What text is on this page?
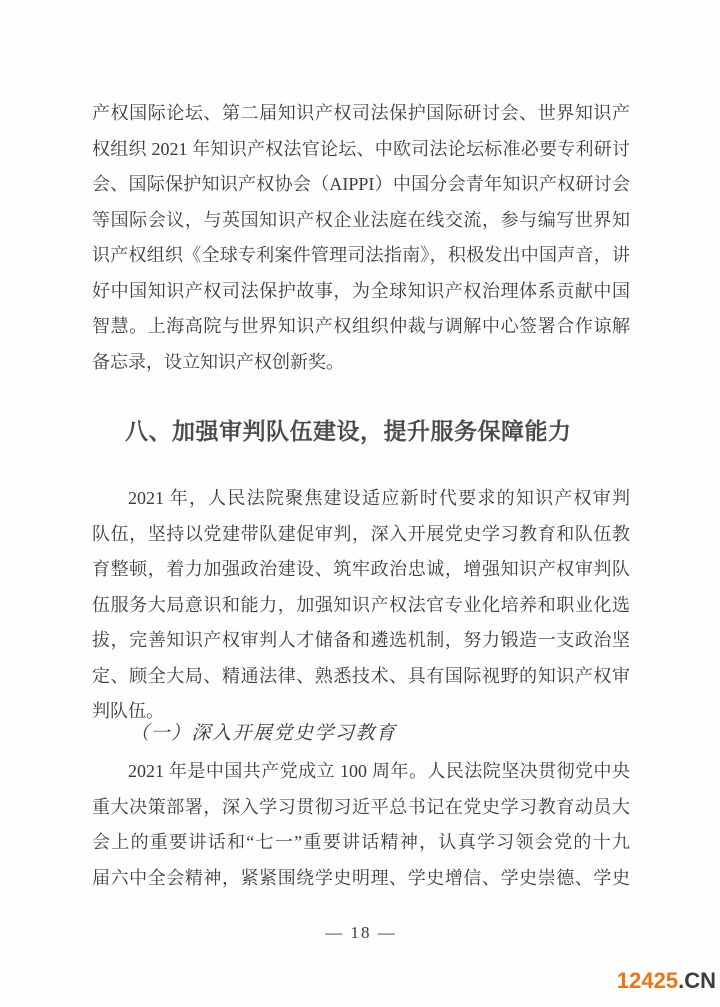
产权国际论坛、第二届知识产权司法保护国际研讨会、世界知识产
权组织 2021 年知识产权法官论坛、中欧司法论坛标准必要专利研讨
会、国际保护知识产权协会（AIPPI）中国分会青年知识产权研讨会
等国际会议，与英国知识产权企业法庭在线交流，参与编写世界知
识产权组织《全球专利案件管理司法指南》，积极发出中国声音，讲
好中国知识产权司法保护故事，为全球知识产权治理体系贡献中国
智慧。上海高院与世界知识产权组织仲裁与调解中心签署合作谅解
备忘录，设立知识产权创新奖。
八、加强审判队伍建设，提升服务保障能力
2021 年，人民法院聚焦建设适应新时代要求的知识产权审判
队伍，坚持以党建带队建促审判，深入开展党史学习教育和队伍教
育整顿，着力加强政治建设、筑牢政治忠诚，增强知识产权审判队
伍服务大局意识和能力，加强知识产权法官专业化培养和职业化选
拔，完善知识产权审判人才储备和遴选机制，努力锻造一支政治坚
定、顾全大局、精通法律、熟悉技术、具有国际视野的知识产权审
判队伍。
（一）深入开展党史学习教育
2021 年是中国共产党成立 100 周年。人民法院坚决贯彻党中央
重大决策部署，深入学习贯彻习近平总书记在党史学习教育动员大
会上的重要讲话和“七一”重要讲话精神，认真学习领会党的十九
届六中全会精神，紧紧围绕学史明理、学史增信、学史崇德、学史
— 18 —
12425.CN
